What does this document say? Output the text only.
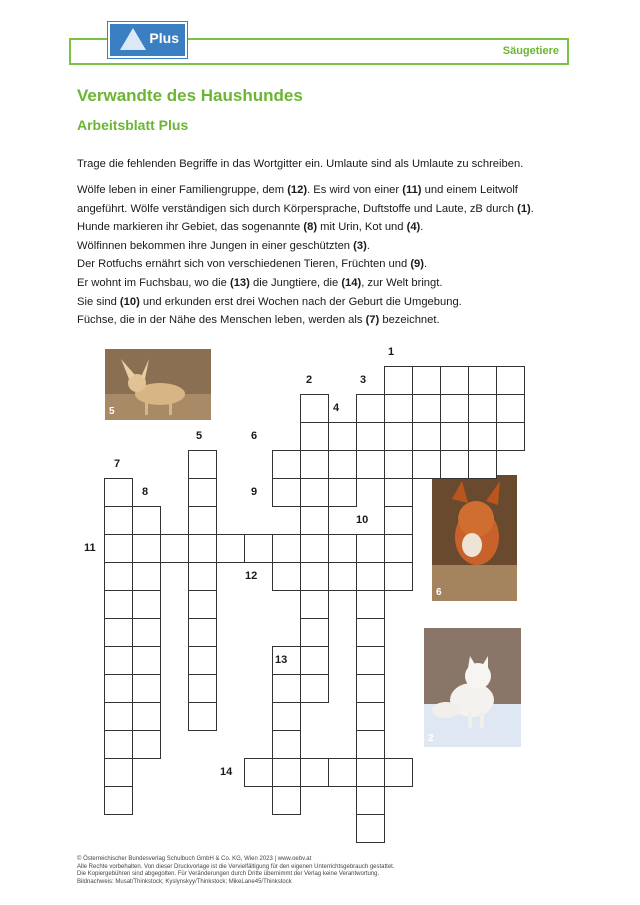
Säugetiere
Plus
Verwandte des Haushundes
Arbeitsblatt Plus
Trage die fehlenden Begriffe in das Wortgitter ein. Umlaute sind als Umlaute zu schreiben.
Wölfe leben in einer Familiengruppe, dem (12). Es wird von einer (11) und einem Leitwolf
angeführt. Wölfe verständigen sich durch Körpersprache, Duftstoffe und Laute, zB durch (1).
Hunde markieren ihr Gebiet, das sogenannte (8) mit Urin, Kot und (4).
Wölfinnen bekommen ihre Jungen in einer geschützten (3).
Der Rotfuchs ernährt sich von verschiedenen Tieren, Früchten und (9).
Er wohnt im Fuchsbau, wo die (13) die Jungtiere, die (14), zur Welt bringt.
Sie sind (10) und erkunden erst drei Wochen nach der Geburt die Umgebung.
Füchse, die in der Nähe des Menschen leben, werden als (7) bezeichnet.
5
6
2
1
2	3
4
5	6
7
8	9
10
11
12
13
14
© Österreichischer Bundesverlag Schulbuch GmbH & Co. KG, Wien 2023 | www.oebv.at
Alle Rechte vorbehalten. Von dieser Druckvorlage ist die Vervielfältigung für den eigenen Unterrichtsgebrauch gestattet.
Die Kopiergebühren sind abgegolten. Für Veränderungen durch Dritte übernimmt der Verlag keine Verantwortung.
Bildnachweis: Musat/Thinkstock; Kyslynskyy/Thinkstock; MikeLane45/Thinkstock
